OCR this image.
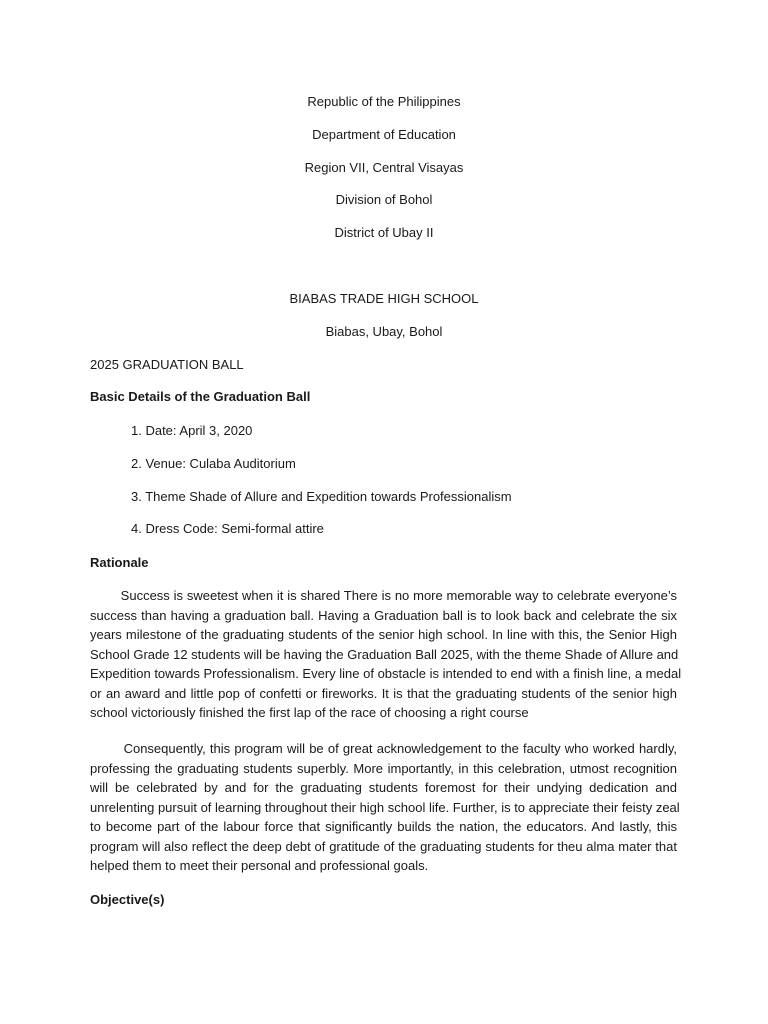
Republic of the Philippines
Department of Education
Region VII, Central Visayas
Division of Bohol
District of Ubay II
BIABAS TRADE HIGH SCHOOL
Biabas, Ubay, Bohol
2025 GRADUATION BALL
Basic Details of the Graduation Ball
1. Date: April 3, 2020
2. Venue: Culaba Auditorium
3. Theme Shade of Allure and Expedition towards Professionalism
4. Dress Code: Semi-formal attire
Rationale
Success is sweetest when it is shared There is no more memorable way to celebrate everyone’s
success than having a graduation ball. Having a Graduation ball is to look back and celebrate the six
years milestone of the graduating students of the senior high school. In line with this, the Senior High
School Grade 12 students will be having the Graduation Ball 2025, with the theme Shade of Allure and
Expedition towards Professionalism. Every line of obstacle is intended to end with a finish line, a medal
or an award and little pop of confetti or fireworks. It is that the graduating students of the senior high
school victoriously finished the first lap of the race of choosing a right course
Consequently, this program will be of great acknowledgement to the faculty who worked hardly,
professing the graduating students superbly. More importantly, in this celebration, utmost recognition
will be celebrated by and for the graduating students foremost for their undying dedication and
unrelenting pursuit of learning throughout their high school life. Further, is to appreciate their feisty zeal
to become part of the labour force that significantly builds the nation, the educators. And lastly, this
program will also reflect the deep debt of gratitude of the graduating students for theu alma mater that
helped them to meet their personal and professional goals.
Objective(s)
